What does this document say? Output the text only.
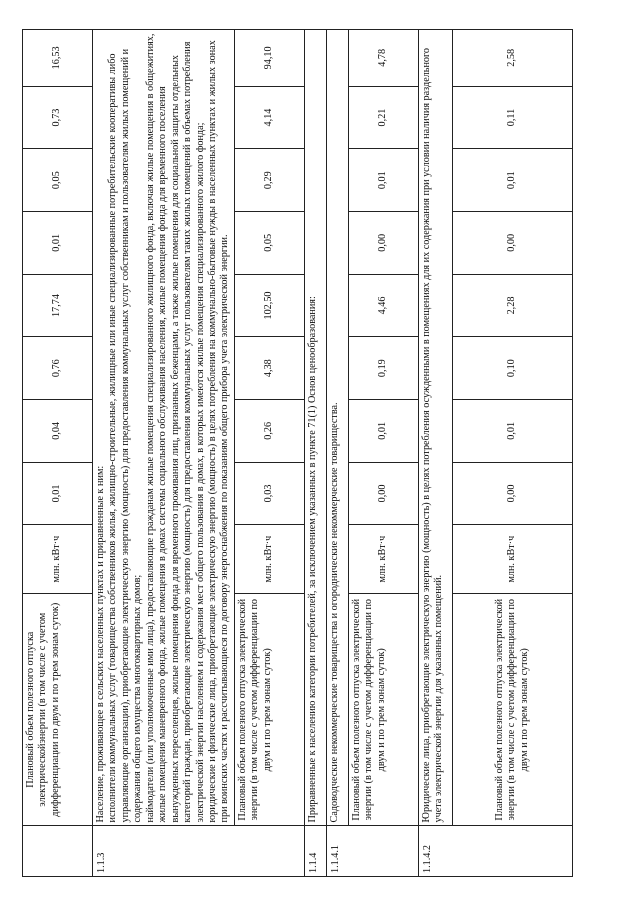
	Плановый объем полезного отпуска электрическойэнергии (в том числе с учетом дифференциации по двум и по трем зонам суток)	млн. кВт·ч	0,01	0,04	0,76	17,74	0,01	0,05	0,73	16,53
1.1.3	Население, проживающее в сельских населенных пунктах и приравненные к ним: исполнители коммунальных услуг (товарищества собственников жилья, жилищно-строительные, жилищные или иные специализированные потребительские кооперативы либо управляющие организации), приобретающие электрическую энергию (мощность) для предоставления коммунальных услуг собственникам и пользователям жилых помещений и содержания общего имущества многоквартирных домов; наймодатели (или уполномоченные ими лица), предоставляющие гражданам жилые помещения специализированного жилищного фонда, включая жилые помещения в общежитиях, жилые помещения маневренного фонда, жилые помещения в домах системы социального обслуживания населения, жилые помещения фонда для временного поселения вынужденных переселенцев, жилые помещения фонда для временного проживания лиц, признанных беженцами, а также жилые помещения для социальной защиты отдельных категорий граждан, приобретающие электрическую энергию (мощность) для предоставления коммунальных услуг пользователям таких жилых помещений в объемах потребления электрической энергии населением и содержания мест общего пользования в домах, в которых имеются жилые помещения специализированного жилого фонда; юридические и физические лица, приобретающие электрическую энергию (мощность) в целях потребления на коммунально-бытовые нужды в населенных пунктах и жилых зонах при воинских частях и рассчитывающиеся по договору энергоснабжения по показаниям общего прибора учета электрической энергии.									

	Плановый объем полезного отпуска электрической энергии (в том числе с учетом дифференциации по двум и по трем зонам суток)	млн. кВт·ч	0,03	0,26	4,38	102,50	0,05	0,29	4,14	94,10
1.1.4	Приравненные к населению категории потребителей, за исключением указанных в пункте 71(1) Основ ценообразования:									

1.1.4.1	Садоводческие некоммерческие товарищества и огороднические некоммерческие товарищества.									

	Плановый объем полезного отпуска электрической энергии (в том числе с учетом дифференциации по двум и по трем зонам суток)	млн. кВт·ч	0,00	0,01	0,19	4,46	0,00	0,01	0,21	4,78
1.1.4.2	Юридические лица, приобретающие электрическую энергию (мощность) в целях потребления осужденными в помещениях для их содержания при условии наличия раздельного учета электрической энергии для указанных помещений.									

	Плановый объем полезного отпуска электрической энергии (в том числе с учетом дифференциации по двум и по трем зонам суток)	млн. кВт·ч	0,00	0,01	0,10	2,28	0,00	0,01	0,11	2,58
